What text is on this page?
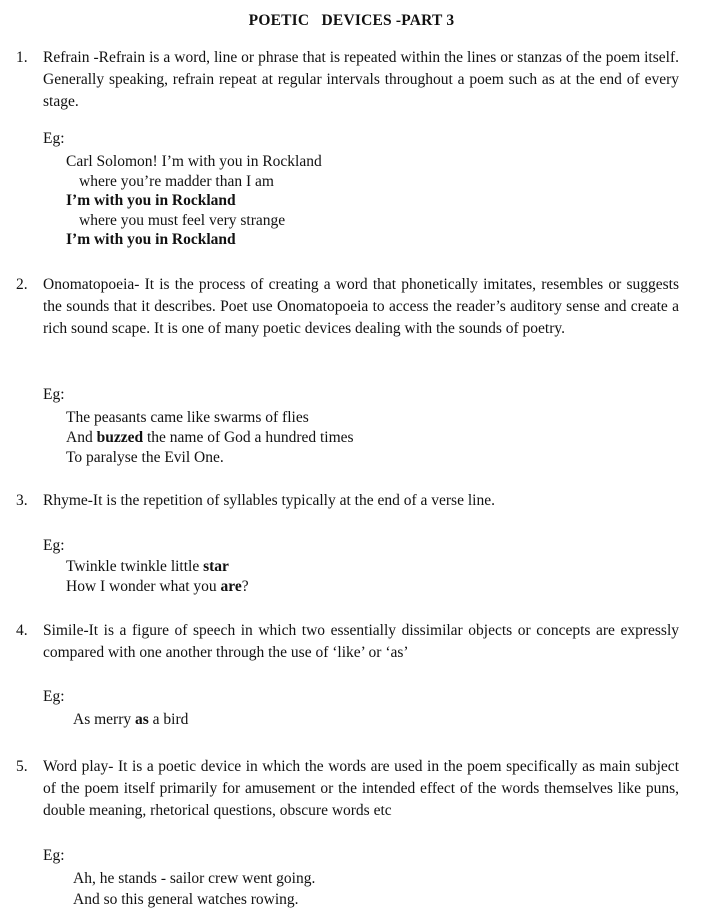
POETIC   DEVICES -PART 3
1. Refrain -Refrain is a word, line or phrase that is repeated within the lines or stanzas of the poem itself. Generally speaking, refrain repeat at regular intervals throughout a poem such as at the end of every stage.
Eg:
Carl Solomon! I’m with you in Rockland
where you’re madder than I am
I’m with you in Rockland
where you must feel very strange
I’m with you in Rockland
2. Onomatopoeia- It is the process of creating a word that phonetically imitates, resembles or suggests the sounds that it describes. Poet use Onomatopoeia to access the reader’s auditory sense and create a rich sound scape. It is one of many poetic devices dealing with the sounds of poetry.
Eg:
The peasants came like swarms of flies
And buzzed the name of God a hundred times
To paralyse the Evil One.
3. Rhyme-It is the repetition of syllables typically at the end of a verse line.
Eg:
Twinkle twinkle little star
How I wonder what you are?
4. Simile-It is a figure of speech in which two essentially dissimilar objects or concepts are expressly compared with one another through the use of ‘like’ or ‘as’
Eg:
As merry as a bird
5. Word play- It is a poetic device in which the words are used in the poem specifically as main subject of the poem itself primarily for amusement or the intended effect of the words themselves like puns, double meaning, rhetorical questions, obscure words etc
Eg:
Ah, he stands - sailor crew went going.
And so this general watches rowing.
